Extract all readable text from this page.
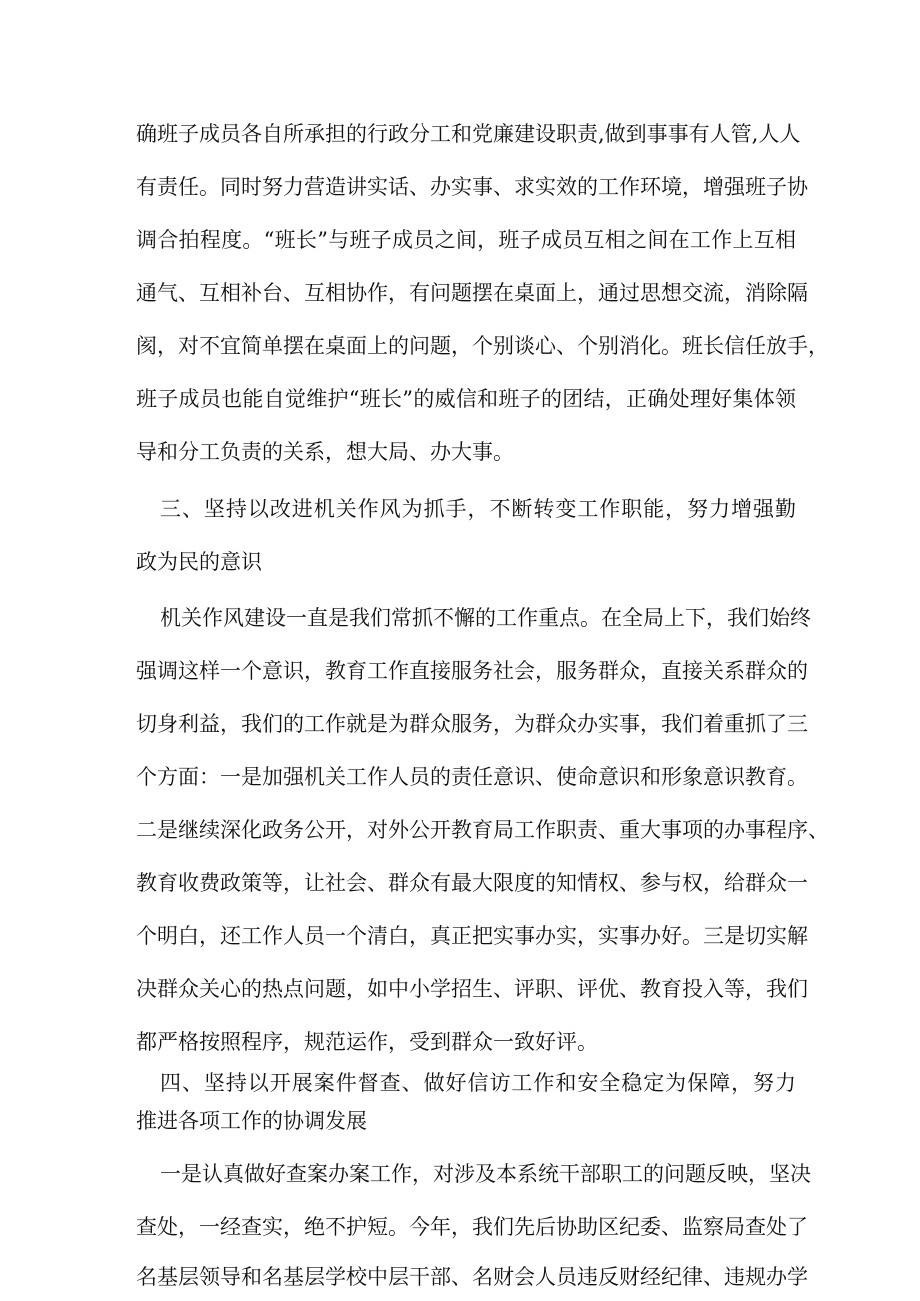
确班子成员各自所承担的行政分工和党廉建设职责,做到事事有人管,人人
有责任。同时努力营造讲实话、办实事、求实效的工作环境，增强班子协
调合拍程度。“班长”与班子成员之间，班子成员互相之间在工作上互相
通气、互相补台、互相协作，有问题摆在桌面上，通过思想交流，消除隔
阂，对不宜简单摆在桌面上的问题，个别谈心、个别消化。班长信任放手，
班子成员也能自觉维护“班长”的威信和班子的团结，正确处理好集体领
导和分工负责的关系，想大局、办大事。
三、坚持以改进机关作风为抓手，不断转变工作职能，努力增强勤
政为民的意识
机关作风建设一直是我们常抓不懈的工作重点。在全局上下，我们始终
强调这样一个意识，教育工作直接服务社会，服务群众，直接关系群众的
切身利益，我们的工作就是为群众服务，为群众办实事，我们着重抓了三
个方面：一是加强机关工作人员的责任意识、使命意识和形象意识教育。
二是继续深化政务公开，对外公开教育局工作职责、重大事项的办事程序、
教育收费政策等，让社会、群众有最大限度的知情权、参与权，给群众一
个明白，还工作人员一个清白，真正把实事办实，实事办好。三是切实解
决群众关心的热点问题，如中小学招生、评职、评优、教育投入等，我们
都严格按照程序，规范运作，受到群众一致好评。
四、坚持以开展案件督查、做好信访工作和安全稳定为保障，努力
推进各项工作的协调发展
一是认真做好查案办案工作，对涉及本系统干部职工的问题反映，坚决
查处，一经查实，绝不护短。今年，我们先后协助区纪委、监察局查处了
名基层领导和名基层学校中层干部、名财会人员违反财经纪律、违规办学
